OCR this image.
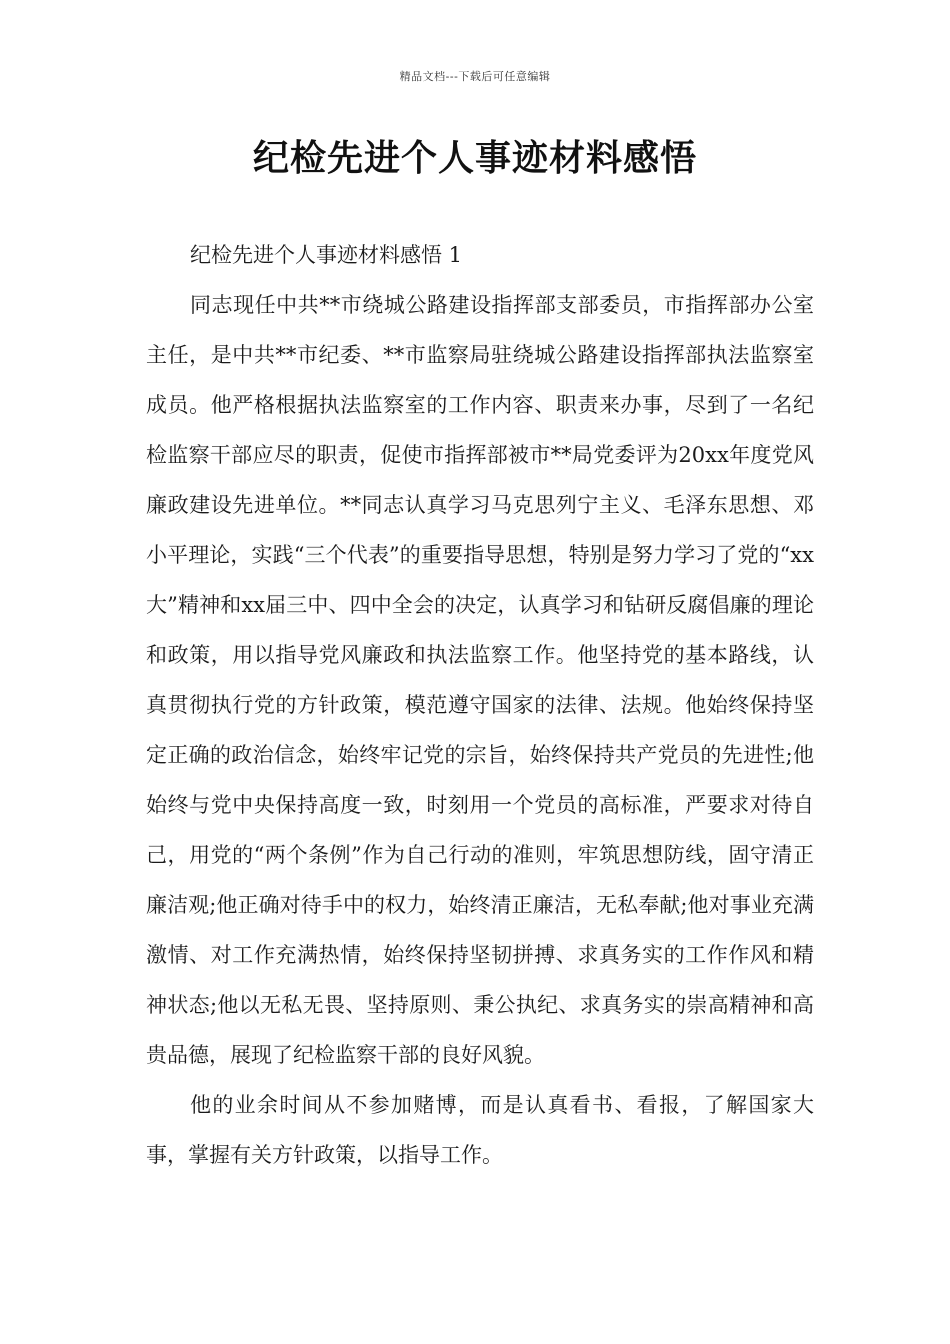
精品文档---下载后可任意编辑
纪检先进个人事迹材料感悟

纪检先进个人事迹材料感悟 1

同志现任中共**市绕城公路建设指挥部支部委员，市指挥部办公室主任，是中共**市纪委、**市监察局驻绕城公路建设指挥部执法监察室成员。他严格根据执法监察室的工作内容、职责来办事，尽到了一名纪检监察干部应尽的职责，促使市指挥部被市**局党委评为20xx年度党风廉政建设先进单位。**同志认真学习马克思列宁主义、毛泽东思想、邓小平理论，实践“三个代表”的重要指导思想，特别是努力学习了党的“xx大”精神和xx届三中、四中全会的决定，认真学习和钻研反腐倡廉的理论和政策，用以指导党风廉政和执法监察工作。他坚持党的基本路线，认真贯彻执行党的方针政策，模范遵守国家的法律、法规。他始终保持坚定正确的政治信念，始终牢记党的宗旨，始终保持共产党员的先进性;他始终与党中央保持高度一致，时刻用一个党员的高标准，严要求对待自己，用党的“两个条例”作为自己行动的准则，牢筑思想防线，固守清正廉洁观;他正确对待手中的权力，始终清正廉洁，无私奉献;他对事业充满激情、对工作充满热情，始终保持坚韧拼搏、求真务实的工作作风和精神状态;他以无私无畏、坚持原则、秉公执纪、求真务实的崇高精神和高贵品德，展现了纪检监察干部的良好风貌。

他的业余时间从不参加赌博，而是认真看书、看报，了解国家大事，掌握有关方针政策，以指导工作。
